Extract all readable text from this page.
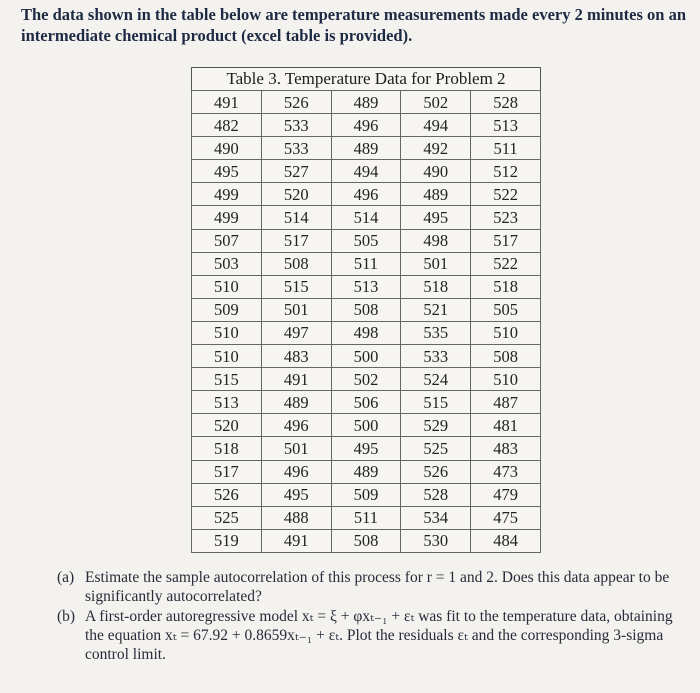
The data shown in the table below are temperature measurements made every 2 minutes on an intermediate chemical product (excel table is provided).

Table 3. Temperature Data for Problem 2
491	526	489	502	528
482	533	496	494	513
490	533	489	492	511
495	527	494	490	512
499	520	496	489	522
499	514	514	495	523
507	517	505	498	517
503	508	511	501	522
510	515	513	518	518
509	501	508	521	505
510	497	498	535	510
510	483	500	533	508
515	491	502	524	510
513	489	506	515	487
520	496	500	529	481
518	501	495	525	483
517	496	489	526	473
526	495	509	528	479
525	488	511	534	475
519	491	508	530	484
(a) Estimate the sample autocorrelation of this process for r = 1 and 2. Does this data appear to be significantly autocorrelated?
(b) A first-order autoregressive model xₜ = ξ + φxₜ₋₁ + εₜ was fit to the temperature data, obtaining the equation xₜ = 67.92 + 0.8659xₜ₋₁ + εₜ. Plot the residuals εₜ and the corresponding 3-sigma control limit.
